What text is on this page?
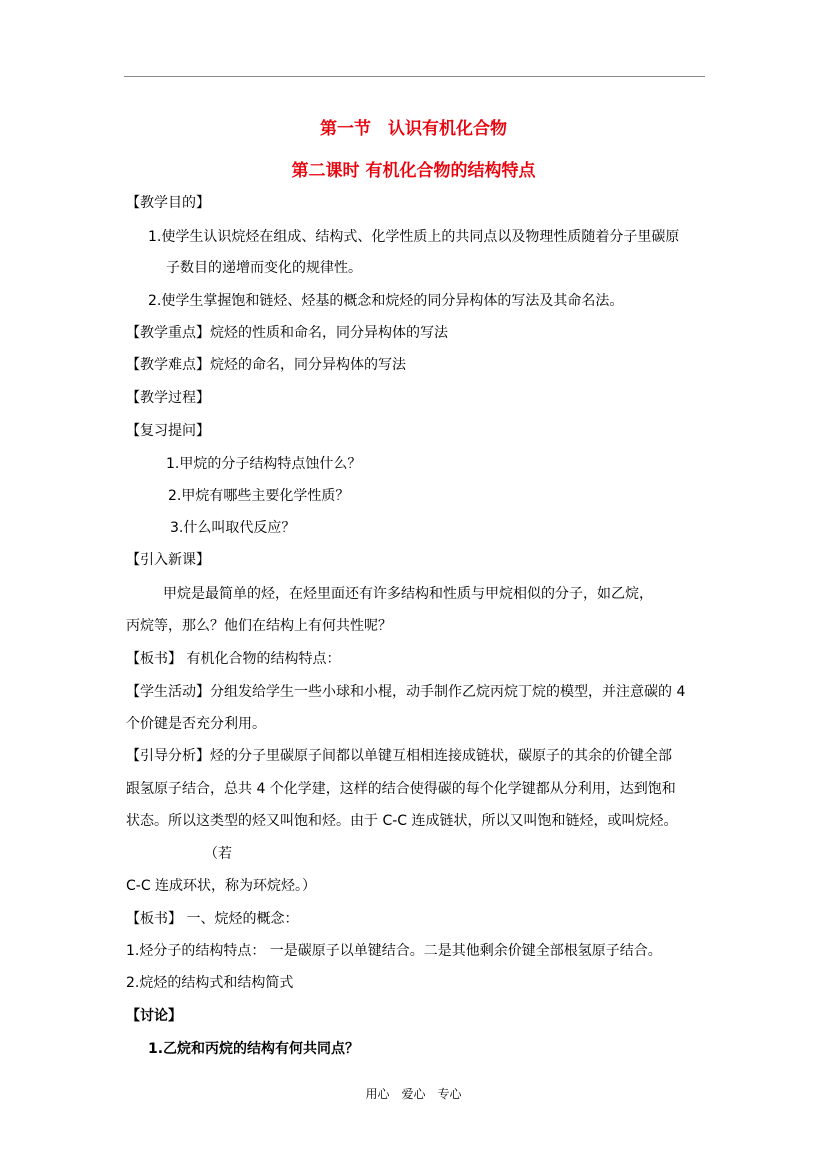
第一节　认识有机化合物
第二课时 有机化合物的结构特点
【教学目的】
1.使学生认识烷烃在组成、结构式、化学性质上的共同点以及物理性质随着分子里碳原
子数目的递增而变化的规律性。
2.使学生掌握饱和链烃、烃基的概念和烷烃的同分异构体的写法及其命名法。
【教学重点】烷烃的性质和命名，同分异构体的写法
【教学难点】烷烃的命名，同分异构体的写法
【教学过程】
【复习提问】
1.甲烷的分子结构特点蚀什么？
2.甲烷有哪些主要化学性质？
3.什么叫取代反应？
【引入新课】
甲烷是最简单的烃，在烃里面还有许多结构和性质与甲烷相似的分子，如乙烷，
丙烷等，那么？他们在结构上有何共性呢？
【板书】 有机化合物的结构特点：
【学生活动】分组发给学生一些小球和小棍，动手制作乙烷丙烷丁烷的模型，并注意碳的 4
个价键是否充分利用。
【引导分析】烃的分子里碳原子间都以单键互相相连接成链状，碳原子的其余的价键全部
跟氢原子结合，总共 4 个化学建，这样的结合使得碳的每个化学键都从分利用，达到饱和
状态。所以这类型的烃又叫饱和烃。由于 C-C 连成链状，所以又叫饱和链烃，或叫烷烃。
（若
C-C 连成环状，称为环烷烃。）
【板书】 一、烷烃的概念：
1.烃分子的结构特点： 一是碳原子以单键结合。二是其他剩余价键全部根氢原子结合。
2.烷烃的结构式和结构简式
【讨论】
1.乙烷和丙烷的结构有何共同点？
用心 爱心 专心
